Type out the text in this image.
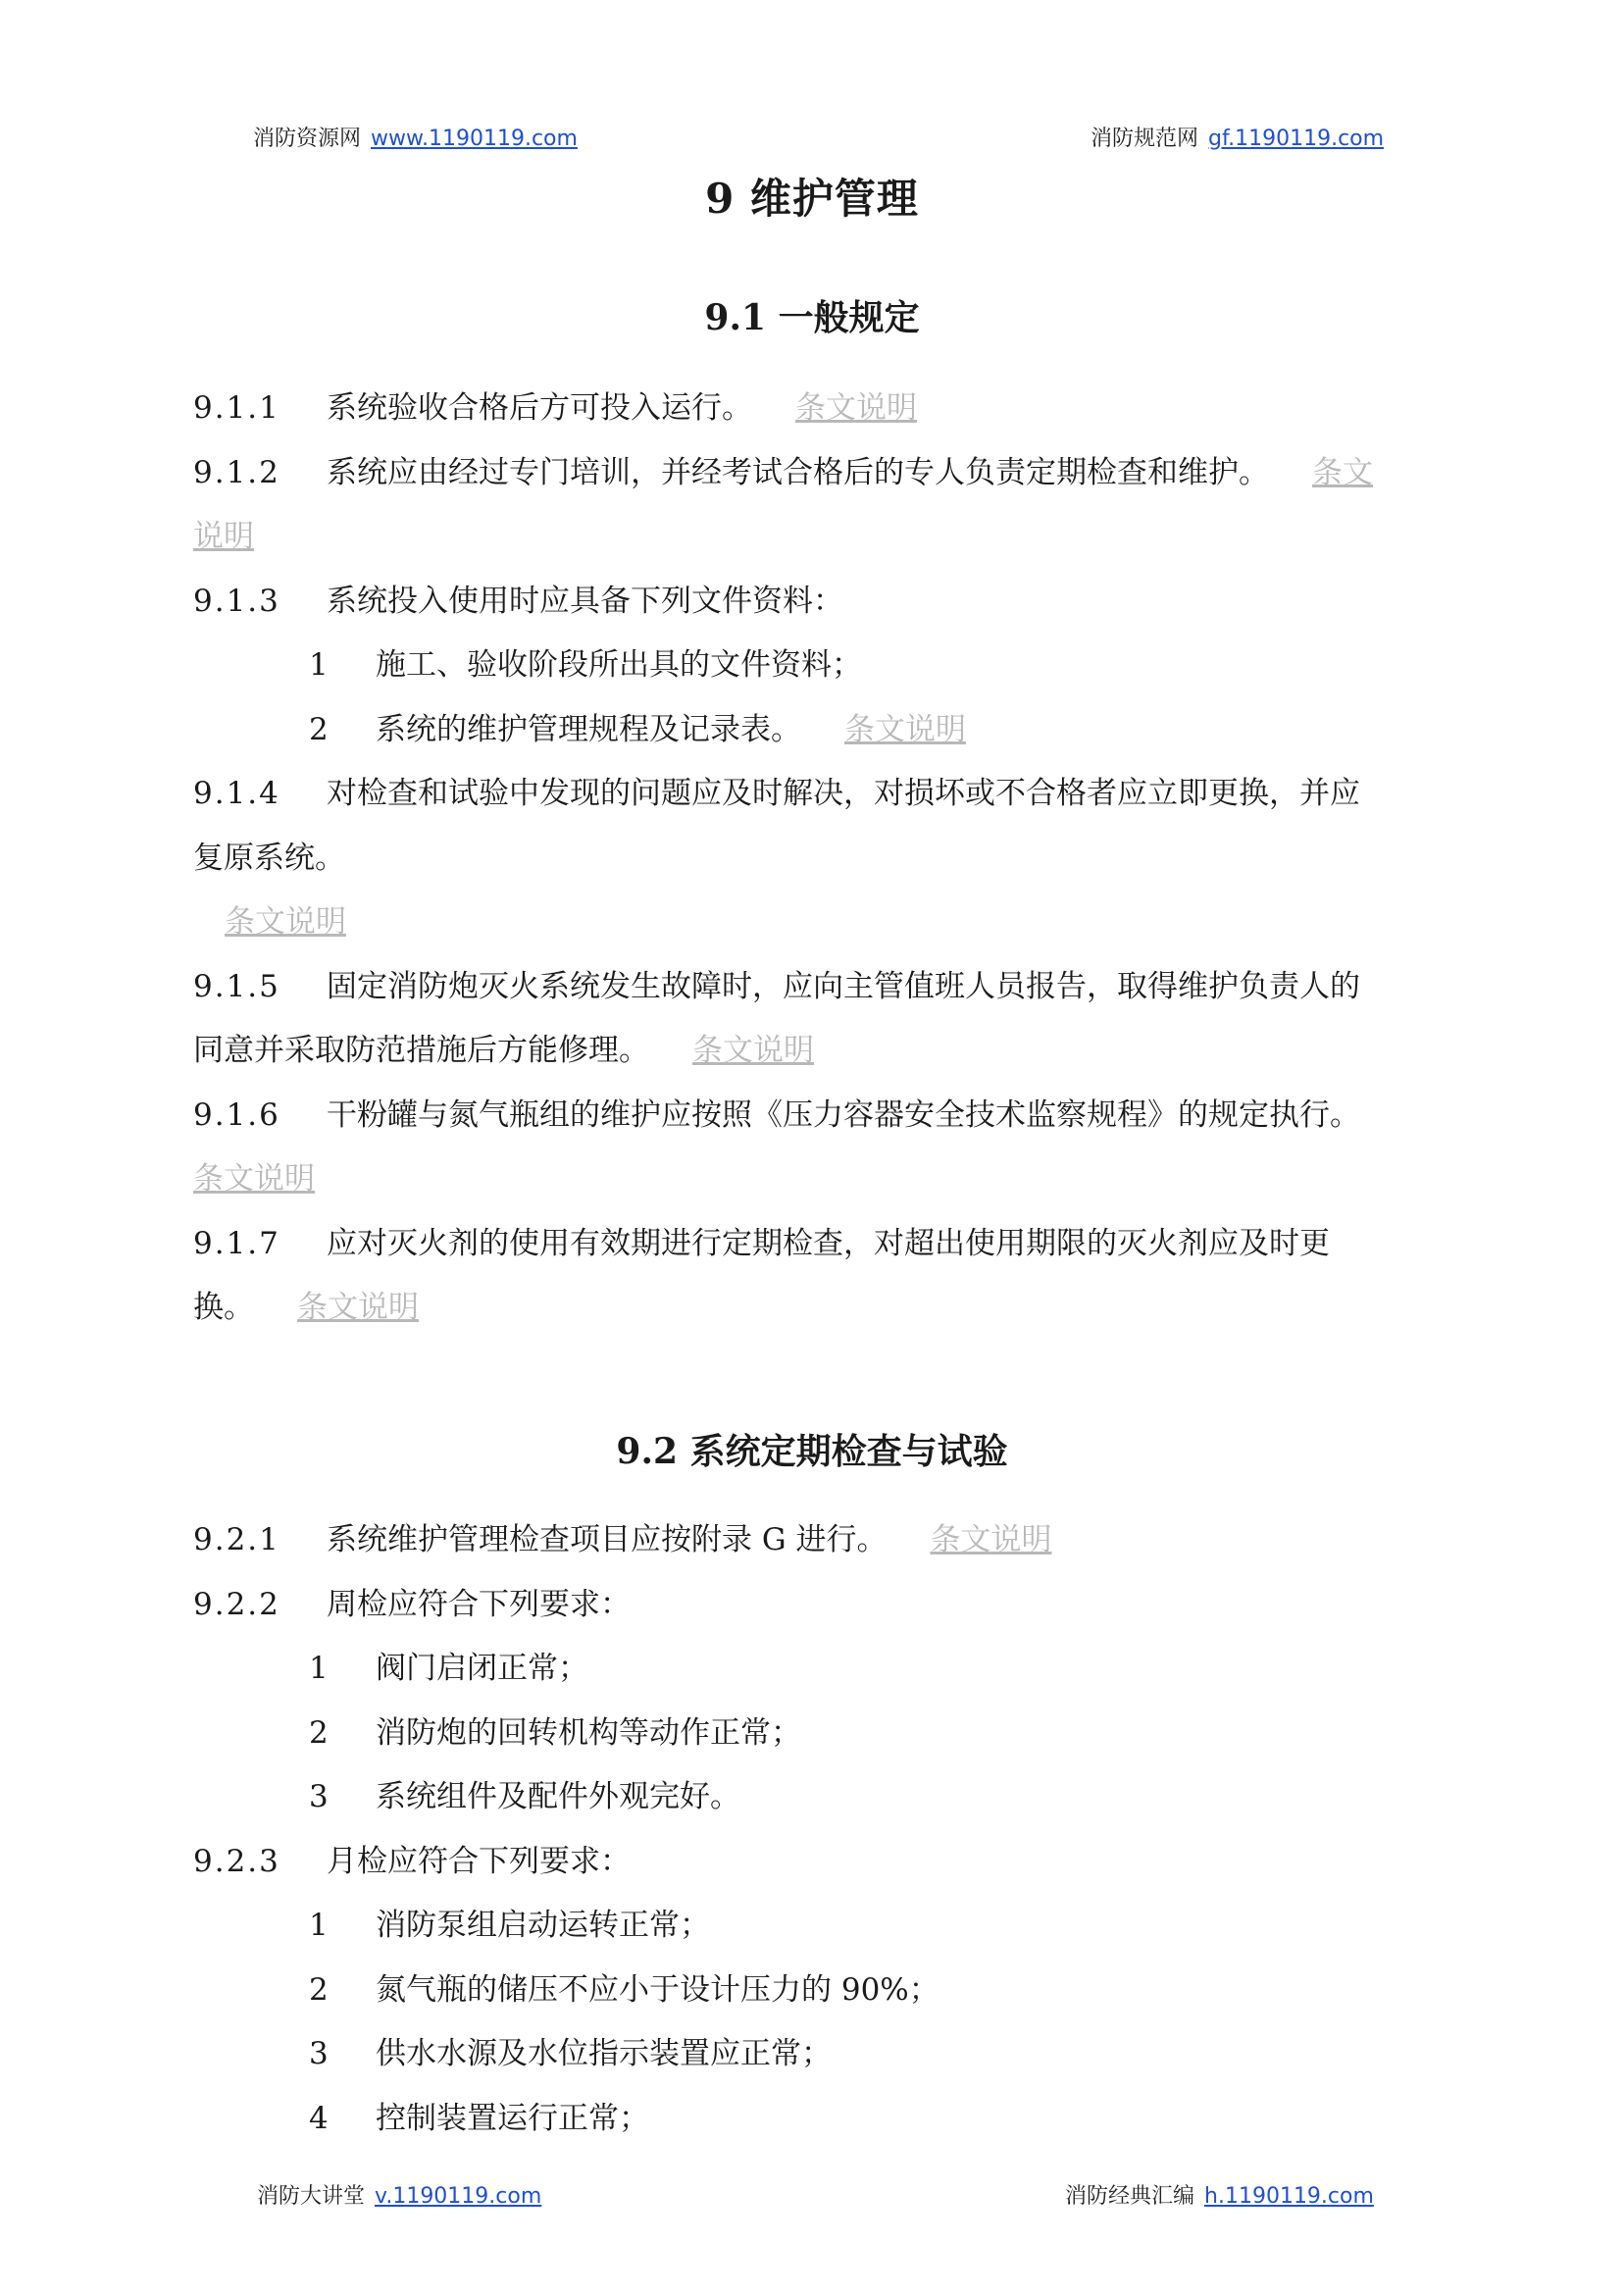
消防资源网 www.1190119.com	消防规范网 gf.1190119.com
9 维护管理
9.1 一般规定
9.1.1 系统验收合格后方可投入运行。 条文说明
9.1.2 系统应由经过专门培训，并经考试合格后的专人负责定期检查和维护。 条文
说明
9.1.3 系统投入使用时应具备下列文件资料：
1 施工、验收阶段所出具的文件资料；
2 系统的维护管理规程及记录表。 条文说明
9.1.4 对检查和试验中发现的问题应及时解决，对损坏或不合格者应立即更换，并应
复原系统。
条文说明
9.1.5 固定消防炮灭火系统发生故障时，应向主管值班人员报告，取得维护负责人的
同意并采取防范措施后方能修理。 条文说明
9.1.6 干粉罐与氮气瓶组的维护应按照《压力容器安全技术监察规程》的规定执行。
条文说明
9.1.7 应对灭火剂的使用有效期进行定期检查，对超出使用期限的灭火剂应及时更
换。 条文说明
9.2 系统定期检查与试验
9.2.1 系统维护管理检查项目应按附录 G 进行。 条文说明
9.2.2 周检应符合下列要求：
1 阀门启闭正常；
2 消防炮的回转机构等动作正常；
3 系统组件及配件外观完好。
9.2.3 月检应符合下列要求：
1 消防泵组启动运转正常；
2 氮气瓶的储压不应小于设计压力的 90%；
3 供水水源及水位指示装置应正常；
4 控制装置运行正常；
消防大讲堂 v.1190119.com	消防经典汇编 h.1190119.com
